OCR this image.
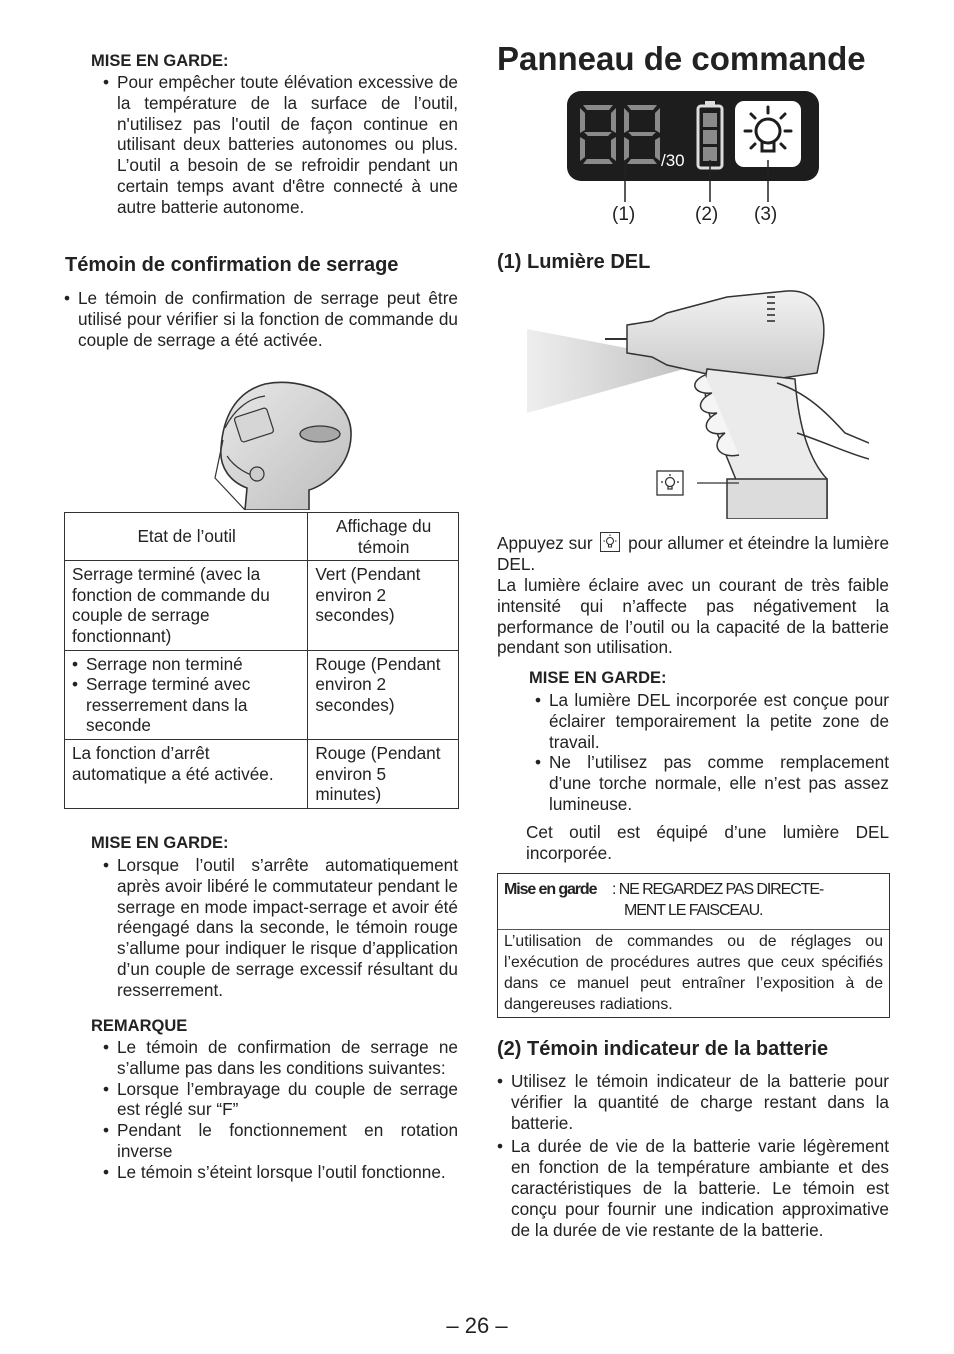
MISE EN GARDE:
• Pour empêcher toute élévation excessive de la température de la surface de l’outil, n'utilisez pas l'outil de façon continue en utilisant deux batteries autonomes ou plus. L’outil a besoin de se refroidir pendant un certain temps avant d'être connecté à une autre batterie autonome.
Témoin de confirmation de serrage
• Le témoin de confirmation de serrage peut être utilisé pour vérifier si la fonction de commande du couple de serrage a été activée.
Etat de l’outil	Affichage du témoin
Serrage terminé (avec la fonction de commande du couple de serrage fonctionnant)	Vert (Pendant environ 2 secondes)

• Serrage non terminé
• Serrage terminé avec resserrement dans la seconde	Rouge (Pendant environ 2 secondes)
La fonction d’arrêt automatique a été activée.	Rouge (Pendant environ 5 minutes)
MISE EN GARDE:
• Lorsque l’outil s’arrête automatiquement après avoir libéré le commutateur pendant le serrage en mode impact-serrage et avoir été réengagé dans la seconde, le témoin rouge s’allume pour indiquer le risque d’application d’un couple de serrage excessif résultant du resserrement.
REMARQUE
• Le témoin de confirmation de serrage ne s’allume pas dans les conditions suivantes:
• Lorsque l’embrayage du couple de serrage est réglé sur “F”
• Pendant le fonctionnement en rotation inverse
• Le témoin s’éteint lorsque l’outil fonctionne.
Panneau de commande
/30
(1)	(2) (3)
(1) Lumière DEL
Appuyez sur pour allumer et éteindre la lumière DEL.
La lumière éclaire avec un courant de très faible intensité qui n’affecte pas négativement la performance de l’outil ou la capacité de la batterie pendant son utilisation.
MISE EN GARDE:
• La lumière DEL incorporée est conçue pour éclairer temporairement la petite zone de travail.
• Ne l’utilisez pas comme remplacement d’une torche normale, elle n’est pas assez lumineuse.
Cet outil est équipé d’une lumière DEL incorporée.
Mise en garde : NE REGARDEZ PAS DIRECTE-
MENT LE FAISCEAU.
L’utilisation de commandes ou de réglages ou l’exécution de procédures autres que ceux spécifiés dans ce manuel peut entraîner l’exposition à de dangereuses radiations.
(2) Témoin indicateur de la batterie
• Utilisez le témoin indicateur de la batterie pour vérifier la quantité de charge restant dans la batterie.
• La durée de vie de la batterie varie légèrement en fonction de la température ambiante et des caractéristiques de la batterie. Le témoin est conçu pour fournir une indication approximative de la durée de vie restante de la batterie.
– 26 –
